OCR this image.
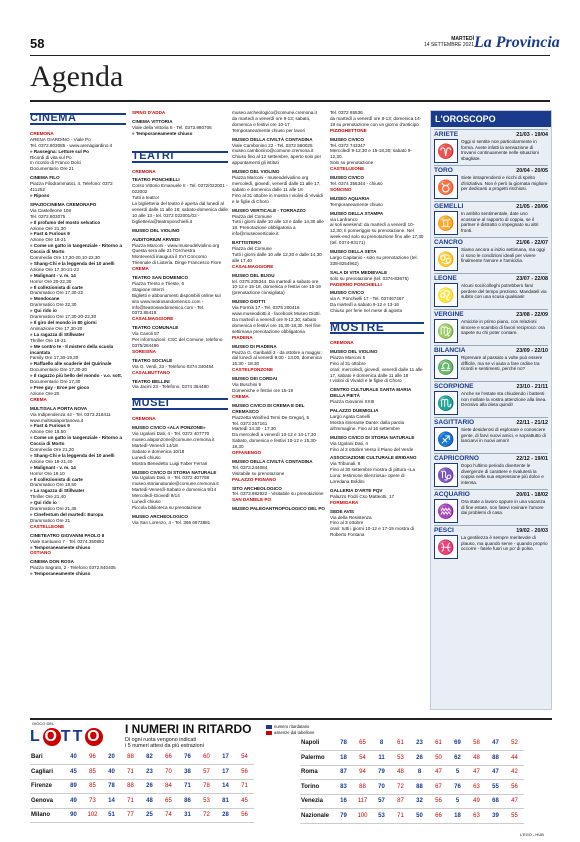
58	MARTEDÌ
14 SETTEMBRE 2021 La Provincia
Agenda
CINEMA
CREMONA

ARENA GIARDINO - Viale Po

Tel. 0372.803085 - www.arenagiardino.it

» Rassegna: Letture sul Po

Ricordi di vita sul Po

In ricordo di Franco Dolci

Documentario Ore 21

CINEMA FILO

Piazza Filodrammatici, 4. Telefono: 0372 411252

» Riposo

SPAZIOCINEMA CREMONAPO

Via Castelleone 108

Tel. 0372.803075

» Il profumo del mosto selvatico

Azione Ore 21,30

» Fast & Furious 9

Azione Ore 18-21

» Come un gatto in tangenziale - Ritorno a Coccia di Morto

Commedia Ore 17,30-20,10-22,30

» Shang-Chi e la leggenda dei 10 anelli

Azione Ore 17,30-21-22

» Malignant - v. m. 14

Horror Ore 20-22,30

» Il collezionista di carte

Drammatico Ore 17,30-22

» Mondocane

Drammatico Ore 22,30

» Qui rido io

Drammatico Ore 17,30-20-22,30

» Il giro del mondo in 80 giorni

Animazione Ore 17,30-20

» La ragazza di Stillwater

Thriller Ore 18-21

» Me contro te - Il mistero della scuola incantata

Family Ore 17,30-19,30

» Raffaello alle scuderie del Quirinale

Documentario Ore 17,30-20

» Il ragazzo più bello del mondo - v.o. sott.

Documentario Ore 17,30

» Free guy - Eroe per gioco

Azione Ore 20

CREMA

MULTISALA PORTA NOVA

Via Indipendenza 44 - Tel. 0373.218411

www.multisalaportanova.it

» Fast & Furious 9

Azione Ore 18,50

» Come un gatto in tangenziale - Ritorno a Coccia di Morto

Commedia Ore 21,20

» Shang-Chi e la leggenda dei 10 anelli

Azione Ore 19-21,40

» Malignant - v. m. 14

Horror Ore 19,10

» Il collezionista di carte

Drammatico Ore 18,50

» La ragazza di Stillwater

Thriller Ore 21,40

» Qui rido io

Drammatico Ore 21,35

» Cinefestum del martedì: Europa

Drammatico Ore 21

CASTELLEONE

CINETEATRO GIOVANNI PAOLO II

Viale Santuario 7 - Tel. 0374.350882

» Temporaneamente chiuso

OSTIANO

CINEMA DON ROSA

Piazza Sagrato, 2 - Telefono 0372.840405

» Temporaneamente chiuso

SPINO D'ADDA

CINEMA VITTORIA

Viale della Vittoria 6 - Tel. 0373.980706

» Temporaneamente chiuso

TEATRI

CREMONA

TEATRO PONCHIELLI

Corso Vittorio Emanuele II - Tel. 0372/022001 - 022002

Tutti a teatro!

La biglietteria del teatro è aperta dal lunedì al venerdì dalle 11 alle 18; sabato-domenica dalle 10 alle 13 - tel. 0372 022001/02 - biglietteria@teatroponchielli.it

MUSEO DEL VIOLINO

AUDITORIUM ARVEDI

Piazza Marconi - www.museodelviolino.org

Questa sera alle 21 l'Orchestra

Monteverdi inaugura il XVI Concorso

Triennale di Liuteria. Dirige Francesco Fiore

CREMA

TEATRO SAN DOMENICO

Piazza Trento e Trieste, 6

Stagione Interzi

Biglietti e abbonamenti disponibili online sul sito www.teatrosandomenico.com - info@teatrosandomenico.com - Tel. 0373.85418

CASALMAGGIORE

TEATRO COMUNALE

Via Cairoli 57

Per informazioni: CSC del Comune, telefono 0375/284496

SORESINA

TEATRO SOCIALE

Via G. Verdi, 23 - Telefono 0374 340454

CASALBUTTANO

TEATRO BELLINI

Via Jacini 23 - Telefono. 0374 364480

MUSEI

CREMONA

MUSEO CIVICO «ALA PONZONE»

Via Ugolani Dati, 4 - Tel. 0372 407770

museo.alaponzone@comune.cremona.it

Martedì-Venerdì 14/18

Sabato e domenica 10/18

Lunedì chiuso

Mostra Benedetto Luigi Faber Ferrari

MUSEO CIVICO DI STORIA NATURALE

Via Ugolani Dati, 4 - Tel. 0372 407768

museo.storianaturale@comune.cremona.it

Martedì-Venerdì-Sabato e domenica 9/14

Mercoledì-Giovedì 9/14

Lunedì chiuso

Piccola biblioteca su prenotazione

MUSEO ARCHEOLOGICO

Via San Lorenzo, 4 - Tel. 366 6673881

museo.archeologico@comune.cremona.it

da martedì a venerdì ore 9-13; sabato, domenica e festivi ore 10-17

Temporaneamente chiuso per lavori

MUSEO DELLA CIVILTÀ CONTADINA

Viale Cambonino 22 - Tel. 0372 560025

museo.cambonino@comune.cremona.it

Chiuso fino al 12 settembre, aperto solo per appuntamenti gli istituti

MUSEO DEL VIOLINO

Piazza Marconi - museodelviolino.org

mercoledì, giovedì, venerdì dalle 11 alle 17, sabato e domenica dalle 11 alle 18

Fino al 31 ottobre in mostra I violini di Vivaldi e le figlie di Choro

MUSEO VERTICALE - TORRAZZO

Piazza del Comune

Tutti i giorni dalle 10 alle 13 e dalle 14,30 alle 18. Prenotazione obbligatoria a info@museoverticale.it

BATTISTERO

Piazza del Comune

Tutti i giorni dalle 10 alle 12,30 e dalle 14,30 alle 17,40

CASALMAGGIORE

MUSEO DEL BIJOU

tel. 0375.205344. Da martedì a sabato ore 10-12 e 15-18, domenica e festivi ore 15-19 (prenotazione consigliata)

MUSEO DIOTTI

Via Formis 17 - Tel. 0375 200416

www.museodiotti.it - facebook Museo Diotti. Da martedì a venerdì ore 8-12,30; sabato domenica e festivi ore 15,30-18,30. Nel fine settimana prenotazione obbligatoria

PIADENA

MUSEO DI PIADENA

Piazza G. Garibaldi 3 - da ottobre a maggio: dal lunedì al venerdì 9.00 - 13.00, domenica 15.30 - 18.30

CASTELPONZONE

MUSEO DEI CORDAI

Via Buschini 9

Domeniche e festivi ore 15-19

CREMA

MUSEO CIVICO DI CREMA E DEL CREMASCO

Piazzetta Winifred Terni De Gregorj, 5

Tel. 0373 257161

Martedì 14,30 - 17,30

Da mercoledì a venerdì 10-12 e 14-17,30

Sabato, domenica e festivi 10-12 e 15,30-18,30

OFFANENGO

MUSEO DELLA CIVILTÀ CONTADINA

Tel. 0373.244084

Visitabile su prenotazione

PALAZZO PIGNANO

SITO ARCHEOLOGICO

Tel. 0373.982922 - Visitabile su prenotazione

SAN DANIELE PO

MUSEO PALEOANTROPOLOGICO DEL PO

Tel. 0372 65536

da martedì a venerdì ore 8-13; domenica 14-19 su prenotazione con un giorno d'anticipo

PIZZIGHETTONE

MUSEO CIVICO

Tel. 0372 743347

Mercoledì 9-12,30 e 15-18,30; sabato 9-12,30.

Solo su prenotazione

CASTELLEONE

MUSEO CIVICO

Tel. 0374 356344 - chiuso

SONCINO

MUSEO AQUARIA

Temporaneamente chiuso

MUSEO DELLA STAMPA

via Lanfranco

ai soli weekend: da martedì a venerdì 10-12,30; Il pomeriggio su prenotazione. Nel week-end solo su prenotazione fino alle 17,30 (tel. 0374-83171)

MUSEO DELLA SETA

Largo Capitanio - solo su prenotazione (tel. 338-8254962)

SALA DI VITA MEDIEVALE

solo su prenotazione (tel. 0374-83675)

PADERNO PONCHIELLI

MUSEO CIVICO

via A. Ponchielli 17 - Tel. 037467467

Da martedì a sabato 9-12 e 13-16

Chiuso per ferie nel mese di agosto

MOSTRE

CREMONA

MUSEO DEL VIOLINO

Piazza Marconi 5

Fino al 31 ottobre

orari: mercoledì, giovedì, venerdì dalle 11 alle 17, sabato e domenica dalle 11 alle 18

I violini di Vivaldi e le figlie di Choro

CENTRO CULTURALE SANTA MARIA DELLA PIETÀ

Piazza Giovanni XXIII

PALAZZO DUEMIGLIA

Largo Agata Canelli

Mostra itinerante Dante: dalla parola all'immagine. Fino al 16 settembre

MUSEO CIVICO DI STORIA NATURALE

Via Ugolani Dati, 4

Fino al 2 ottobre Verso il Piano del Verde

ASSOCIAZIONE CULTURALE ERIDANO

Via Tribunali, 8

Fino al 30 settembre mostra di pittura «La Luna: testimone silenziosa» opere di Loredana Boldini

GALLERIA D'ARTE PQV

Palazzo Fodri Cso Matteotti, 17

FORMIGARA

SEDE AVIS

Via della Resistenza

Fino al 3 ottobre

orari: tutti i giorni 10-12 e 17-19 mostra di Roberto Fontana

L'OROSCOPO
ARIETE	21/03 - 19/04
♈
Oggi vi sentite non particolarmente in forma. Avete infatti la sensazione di trovarvi continuamente nelle situazioni sbagliate.
TORO	20/04 - 20/05
♉
Siete intraprendenti e ricchi di spirito d'iniziativa. Non è però la giornata migliore per dedicarsi a progetti rischiosi.
GEMELLI	21/05 - 20/06
♊
In ambito sentimentale, date uno scossone al rapporto di coppia, se il partner è distratto o impegnato su altri fronti.
CANCRO	21/06 - 22/07
♋
Siamo ancora a inizio settimana, ma oggi ci sono le condizioni ideali per vivere finalmente l'amore e l'amicizia.
LEONE	23/07 - 22/08
♌
Alcuni soci/colleghi potrebbero farvi perdere del tempo prezioso. Mandateli via subito con una scusa qualsiasi!
VERGINE	23/08 - 22/09
♍
Amicizie in primo piano, con relazioni sincere e scambio di favori reciproco: ora sapete su chi poter contare.
BILANCIA	23/09 - 22/10
♎
Riprenare al passato a volte può essere difficile, ma se vi aiuta a fare ordine tra ricordi e sentimenti, perché no?
SCORPIONE	23/10 - 21/11
♏
Anche se l'estate sta chiudendo i battenti non mollate la vostra attenzione alla linea. Decisivo alla dieta quindi!
SAGITTARIO	22/11 - 21/12
♐
Siete desiderosi di esplorare e conoscere gente, di farvi nuovi amici, e soprattutto di lanciarvi in nuovi amori!
CAPRICORNO	22/12 - 19/01
♑
Dopo l'ultimo periodo divertente le divergenze di carattere e rivaluterà la coppia nella sua espressione più dolce e intensa.
ACQUARIO	20/01 - 18/02
♒
Ora state a lavoro oppure in una vacanza di fine estate, non fatevi rovinare l'umore dai problemi di casa.
PESCI	19/02 - 20/03
♓
La gentilezza è sempre meritevole di plauso, ma quando serve - quando proprio occorre - fatele fuori un po' di polso.
GIOCO DEL
L O TT O I NUMERI IN RITARDO
Di ogni ruota vengono indicati
i 5 numeri attesi da più estrazioni
numero ritardatario
assenze dal tabellone
Bari	40	96	20	88	82	66	76	60	17	54
Cagliari	45	85	40	71	23	70	38	57	17	56
Firenze	89	85	78	88	26	84	71	78	14	71
Genova	49	73	14	71	48	65	86	53	81	45
Milano	90	102	51	77	25	74	31	72	28	56
Napoli	78	65	8	61	23	61	69	58	47	52
Palermo	18	54	11	53	26	50	62	48	88	44
Roma	87	94	79	48	8	47	5	47	47	42
Torino	83	88	70	72	88	67	76	63	55	56
Venezia	16	117	57	87	32	56	5	49	68	47
Nazionale	79	100	53	71	50	66	18	63	39	55
L'EGO - HUB
